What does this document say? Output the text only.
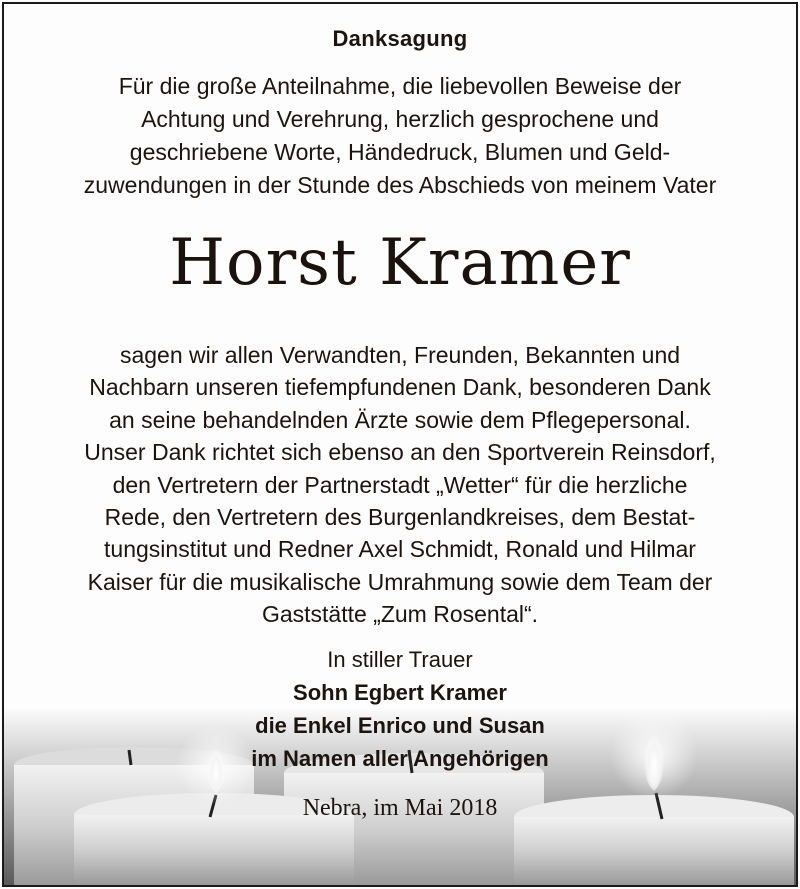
Danksagung
Für die große Anteilnahme, die liebevollen Beweise der
Achtung und Verehrung, herzlich gesprochene und
geschriebene Worte, Händedruck, Blumen und Geld-
zuwendungen in der Stunde des Abschieds von meinem Vater
Horst Kramer
sagen wir allen Verwandten, Freunden, Bekannten und
Nachbarn unseren tiefempfundenen Dank, besonderen Dank
an seine behandelnden Ärzte sowie dem Pflegepersonal.
Unser Dank richtet sich ebenso an den Sportverein Reinsdorf,
den Vertretern der Partnerstadt „Wetter“ für die herzliche
Rede, den Vertretern des Burgenlandkreises, dem Bestat-
tungsinstitut und Redner Axel Schmidt, Ronald und Hilmar
Kaiser für die musikalische Umrahmung sowie dem Team der
Gaststätte „Zum Rosental“.
In stiller Trauer
Sohn Egbert Kramer
die Enkel Enrico und Susan
im Namen aller Angehörigen
Nebra, im Mai 2018
